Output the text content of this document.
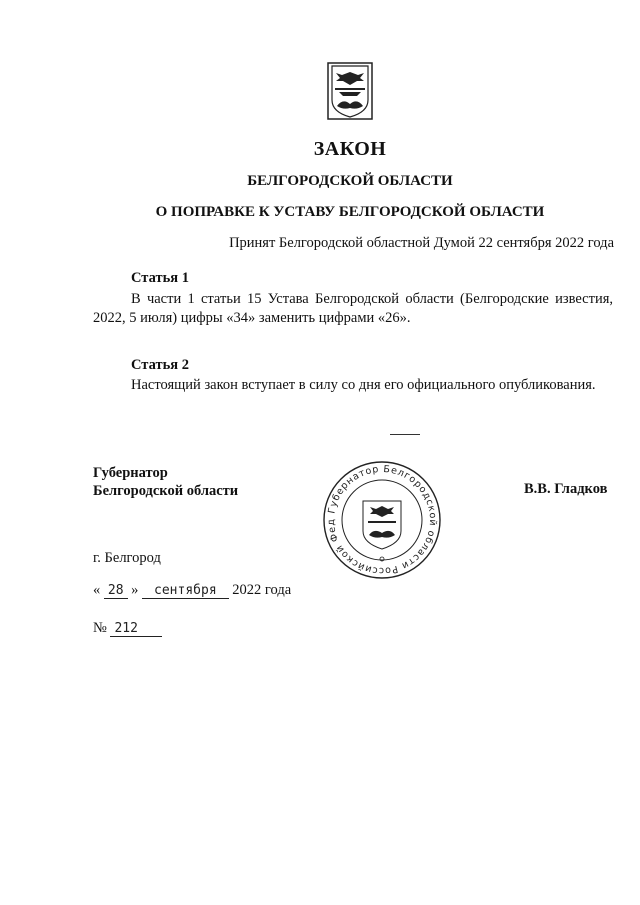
ЗАКОН
БЕЛГОРОДСКОЙ ОБЛАСТИ
О ПОПРАВКЕ К УСТАВУ БЕЛГОРОДСКОЙ ОБЛАСТИ
Принят Белгородской областной Думой 22 сентября 2022 года
Статья 1
В части 1 статьи 15 Устава Белгородской области (Белгородские известия, 2022, 5 июля) цифры «34» заменить цифрами «26».
Статья 2
Настоящий закон вступает в силу со дня его официального опубликования.
Губернатор
Белгородской области
Губернатор Белгородской области Российской Фед
В.В. Гладков
г. Белгород
« 28 » сентября 2022 года
№ 212
